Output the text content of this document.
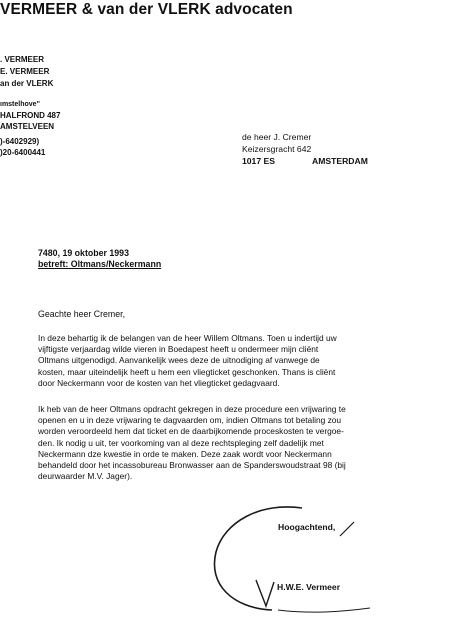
VERMEER & van der VLERK advocaten
. VERMEER
E. VERMEER
an der VLERK
ımstelhove"
HALFROND 487
AMSTELVEEN
)-6402929)
)20-6400441
de heer J. Cremer
Keizersgracht 642
1017 ES	AMSTERDAM
7480, 19 oktober 1993
betreft: Oltmans/Neckermann
Geachte heer Cremer,
In deze behartig ik de belangen van de heer Willem Oltmans. Toen u indertijd uw
vijftigste verjaardag wilde vieren in Boedapest heeft u ondermeer mijn cliënt
Oltmans uitgenodigd. Aanvankelijk wees deze de uitnodiging af vanwege de
kosten, maar uiteindelijk heeft u hem een vliegticket geschonken. Thans is cliënt
door Neckermann voor de kosten van het vliegticket gedagvaard.
Ik heb van de heer Oltmans opdracht gekregen in deze procedure een vrijwaring te
openen en u in deze vrijwaring te dagvaarden om, indien Oltmans tot betaling zou
worden veroordeeld hem dat ticket en de daarbijkomende proceskosten te vergoe-
den. Ik nodig u uit, ter voorkoming van al deze rechtspleging zelf dadelijk met
Neckermann dze kwestie in orde te maken. Deze zaak wordt voor Neckermann
behandeld door het incassobureau Bronwasser aan de Spanderswoudstraat 98 (bij
deurwaarder M.V. Jager).
Hoogachtend,
H.W.E. Vermeer
